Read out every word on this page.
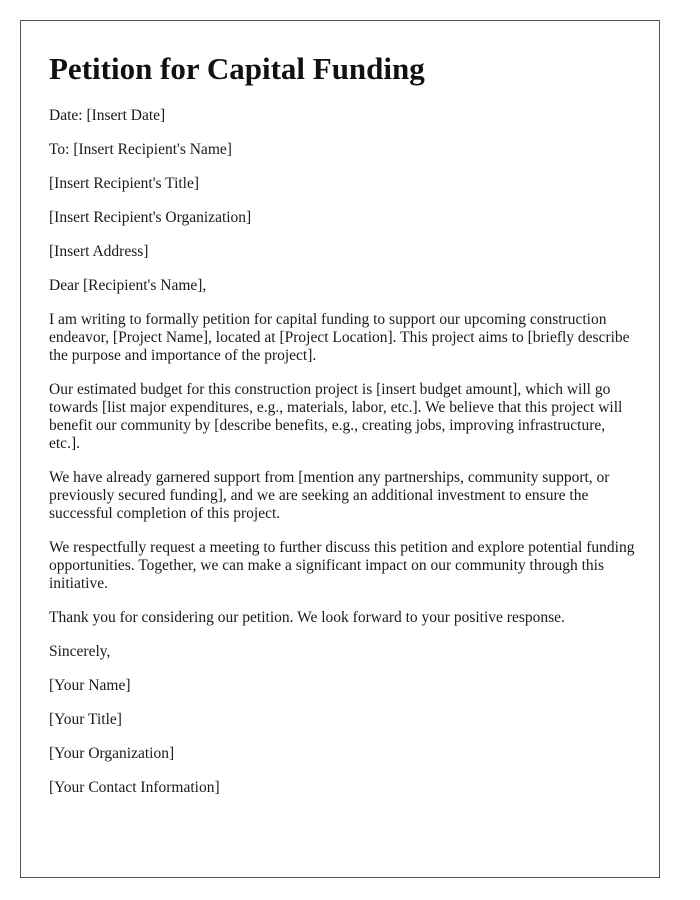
Petition for Capital Funding

Date: [Insert Date]

To: [Insert Recipient's Name]

[Insert Recipient's Title]

[Insert Recipient's Organization]

[Insert Address]

Dear [Recipient's Name],

I am writing to formally petition for capital funding to support our upcoming construction endeavor, [Project Name], located at [Project Location]. This project aims to [briefly describe the purpose and importance of the project].

Our estimated budget for this construction project is [insert budget amount], which will go towards [list major expenditures, e.g., materials, labor, etc.]. We believe that this project will benefit our community by [describe benefits, e.g., creating jobs, improving infrastructure, etc.].

We have already garnered support from [mention any partnerships, community support, or previously secured funding], and we are seeking an additional investment to ensure the successful completion of this project.

We respectfully request a meeting to further discuss this petition and explore potential funding opportunities. Together, we can make a significant impact on our community through this initiative.

Thank you for considering our petition. We look forward to your positive response.

Sincerely,

[Your Name]

[Your Title]

[Your Organization]

[Your Contact Information]
